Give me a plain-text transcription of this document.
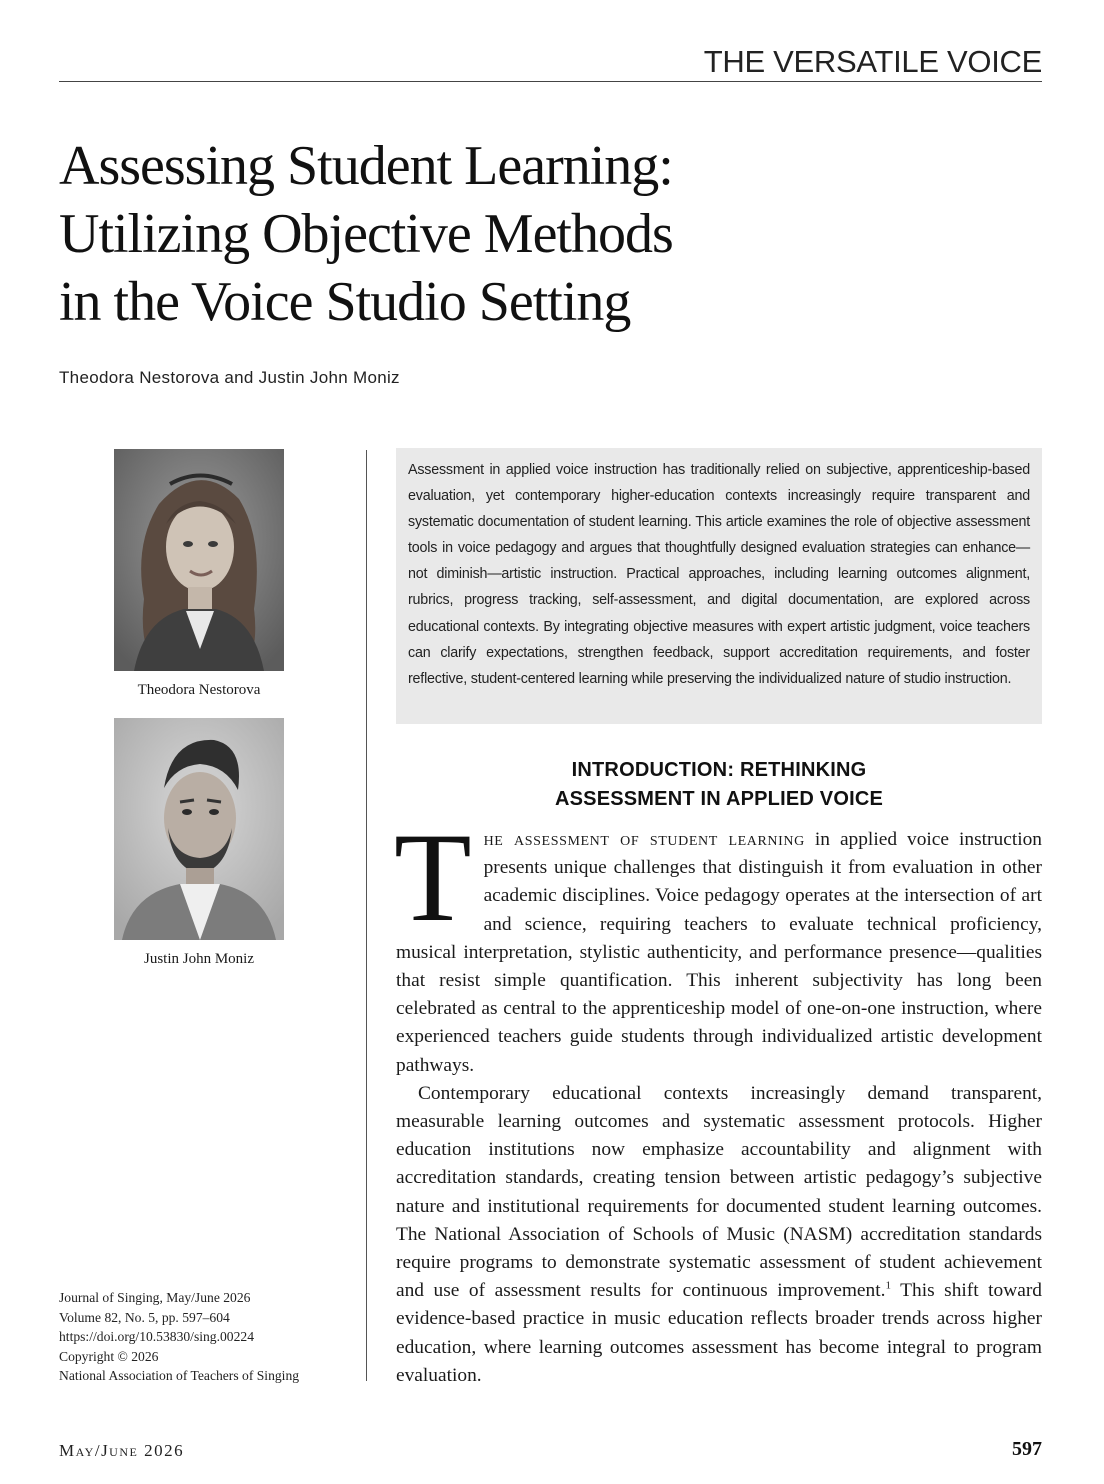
THE VERSATILE VOICE
Assessing Student Learning:
Utilizing Objective Methods
in the Voice Studio Setting
Theodora Nestorova and Justin John Moniz
Theodora Nestorova
Justin John Moniz
Journal of Singing, May/June 2026
Volume 82, No. 5, pp. 597–604
https://doi.org/10.53830/sing.00224
Copyright © 2026
National Association of Teachers of Singing
Assessment in applied voice instruction has traditionally relied on subjective, apprenticeship-based evaluation, yet contemporary higher-education contexts increasingly require transparent and systematic documentation of student learning. This article examines the role of objective assessment tools in voice pedagogy and argues that thoughtfully designed evaluation strategies can enhance—not diminish—artistic instruction. Practical approaches, including learning outcomes alignment, rubrics, progress tracking, self-assessment, and digital documentation, are explored across educational contexts. By integrating objective measures with expert artistic judgment, voice teachers can clarify expectations, strengthen feedback, support accreditation requirements, and foster reflective, student-centered learning while preserving the individualized nature of studio instruction.
INTRODUCTION: RETHINKING
ASSESSMENT IN APPLIED VOICE
T he assessment of student learning in applied voice instruction presents unique challenges that distinguish it from evaluation in other academic disciplines. Voice pedagogy operates at the intersection of art and science, requiring teachers to evaluate technical proficiency, musical interpretation, stylistic authenticity, and performance presence—qualities that resist simple quantification. This inherent subjectivity has long been celebrated as central to the apprenticeship model of one-on-one instruction, where experienced teachers guide students through individualized artistic development pathways.

Contemporary educational contexts increasingly demand transparent, measurable learning outcomes and systematic assessment protocols. Higher education institutions now emphasize accountability and alignment with accreditation standards, creating tension between artistic pedagogy’s subjective nature and institutional requirements for documented student learning outcomes. The National Association of Schools of Music (NASM) accreditation standards require programs to demonstrate systematic assessment of student achievement and use of assessment results for continuous improvement.$^1$ This shift toward evidence-based practice in music education reflects broader trends across higher education, where learning outcomes assessment has become integral to program evaluation.

May/June 2026	597
